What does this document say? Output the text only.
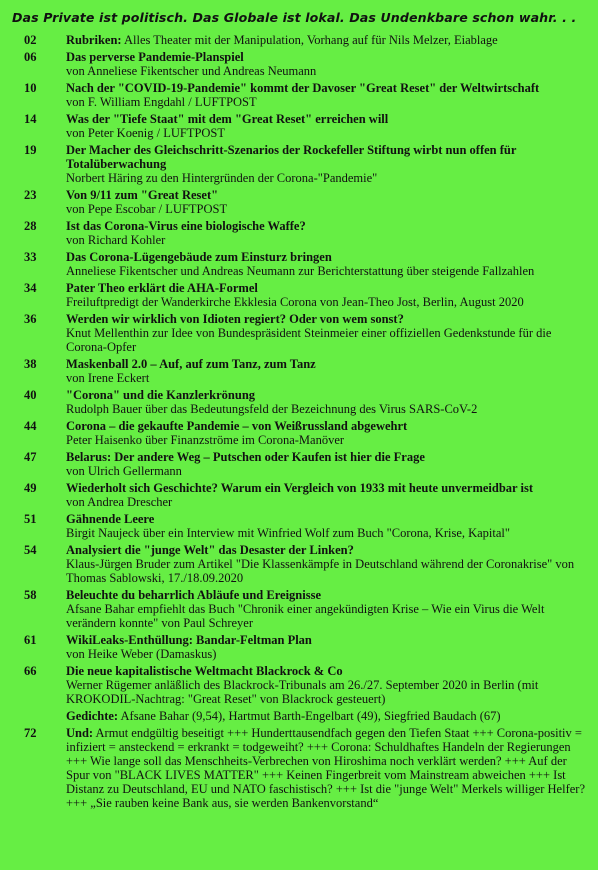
Das Private ist politisch. Das Globale ist lokal. Das Undenkbare schon wahr. . .
02	Rubriken: Alles Theater mit der Manipulation, Vorhang auf für Nils Melzer, Eiablage
06	Das perverse Pandemie-Planspiel
von Anneliese Fikentscher und Andreas Neumann
10	Nach der "COVID-19-Pandemie" kommt der Davoser "Great Reset" der Weltwirtschaft
von F. William Engdahl / LUFTPOST
14	Was der "Tiefe Staat" mit dem "Great Reset" erreichen will
von Peter Koenig / LUFTPOST
19	Der Macher des Gleichschritt-Szenarios der Rockefeller Stiftung wirbt nun offen für Totalüberwachung
Norbert Häring zu den Hintergründen der Corona-"Pandemie"
23	Von 9/11 zum "Great Reset"
von Pepe Escobar / LUFTPOST
28	Ist das Corona-Virus eine biologische Waffe?
von Richard Kohler
33	Das Corona-Lügengebäude zum Einsturz bringen
Anneliese Fikentscher und Andreas Neumann zur Berichterstattung über steigende Fallzahlen
34	Pater Theo erklärt die AHA-Formel
Freiluftpredigt der Wanderkirche Ekklesia Corona von Jean-Theo Jost, Berlin, August 2020
36	Werden wir wirklich von Idioten regiert? Oder von wem sonst?
Knut Mellenthin zur Idee von Bundespräsident Steinmeier einer offiziellen Gedenkstunde für die Corona-Opfer
38	Maskenball 2.0 – Auf, auf zum Tanz, zum Tanz
von Irene Eckert
40	"Corona" und die Kanzlerkrönung
Rudolph Bauer über das Bedeutungsfeld der Bezeichnung des Virus SARS-CoV-2
44	Corona – die gekaufte Pandemie – von Weißrussland abgewehrt
Peter Haisenko über Finanzströme im Corona-Manöver
47	Belarus: Der andere Weg – Putschen oder Kaufen ist hier die Frage
von Ulrich Gellermann
49	Wiederholt sich Geschichte? Warum ein Vergleich von 1933 mit heute unvermeidbar ist
von Andrea Drescher
51	Gähnende Leere
Birgit Naujeck über ein Interview mit Winfried Wolf zum Buch "Corona, Krise, Kapital"
54	Analysiert die "junge Welt" das Desaster der Linken?
Klaus-Jürgen Bruder zum Artikel "Die Klassenkämpfe in Deutschland während der Coronakrise" von Thomas Sablowski, 17./18.09.2020
58	Beleuchte du beharrlich Abläufe und Ereignisse
Afsane Bahar empfiehlt das Buch "Chronik einer angekündigten Krise – Wie ein Virus die Welt verändern konnte" von Paul Schreyer
61	WikiLeaks-Enthüllung: Bandar-Feltman Plan
von Heike Weber (Damaskus)
66	Die neue kapitalistische Weltmacht Blackrock & Co
Werner Rügemer anläßlich des Blackrock-Tribunals am 26./27. September 2020 in Berlin (mit KROKODIL-Nachtrag: "Great Reset" von Blackrock gesteuert)
Gedichte: Afsane Bahar (9,54), Hartmut Barth-Engelbart (49), Siegfried Baudach (67)
72	Und: Armut endgültig beseitigt +++ Hunderttausendfach gegen den Tiefen Staat +++ Corona-positiv = infiziert = ansteckend = erkrankt = todgeweiht? +++ Corona: Schuldhaftes Handeln der Regierungen +++ Wie lange soll das Menschheits-Verbrechen von Hiroshima noch verklärt werden? +++ Auf der Spur von "BLACK LIVES MATTER" +++ Keinen Fingerbreit vom Mainstream abweichen +++ Ist Distanz zu Deutschland, EU und NATO faschistisch? +++ Ist die "junge Welt" Merkels williger Helfer? +++ „Sie rauben keine Bank aus, sie werden Bankenvorstand“
